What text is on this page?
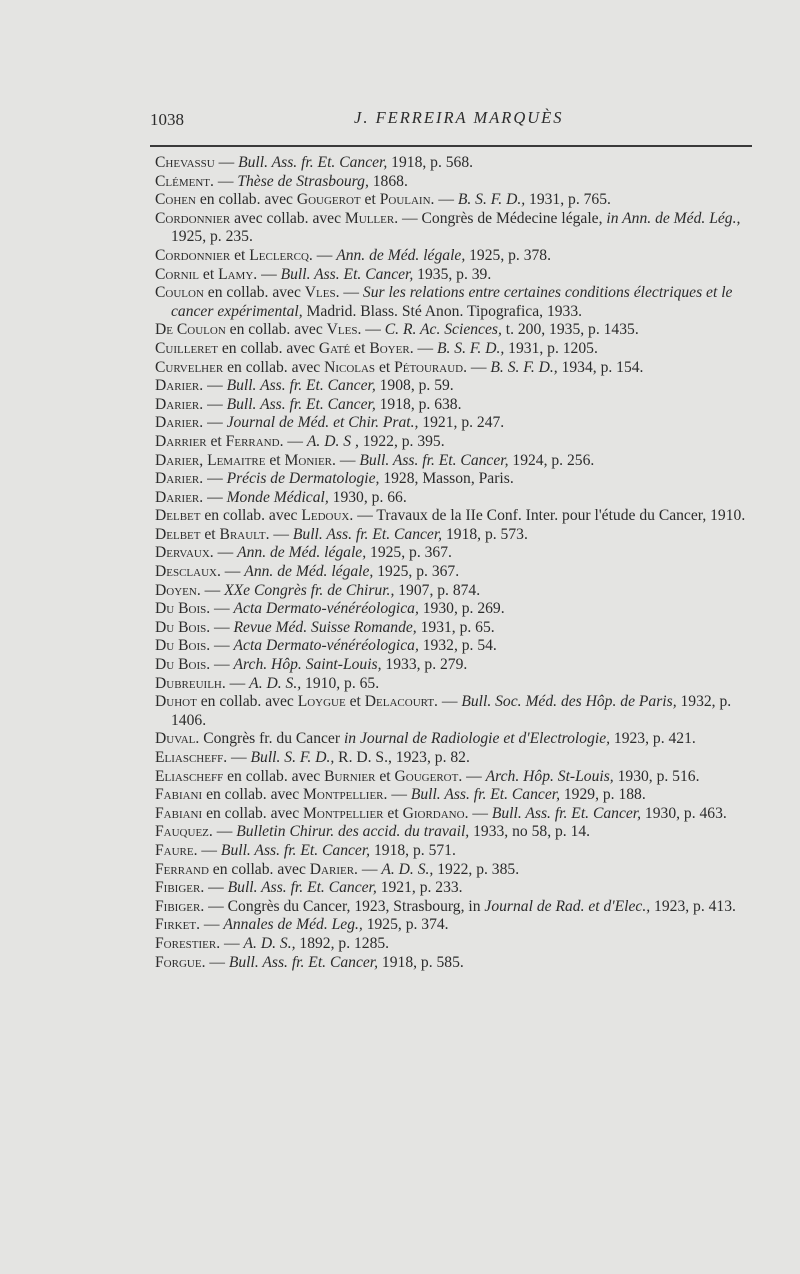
1038	J. FERREIRA MARQUÈS

Chevassu — Bull. Ass. fr. Et. Cancer, 1918, p. 568.

Clément. — Thèse de Strasbourg, 1868.

Cohen en collab. avec Gougerot et Poulain. — B. S. F. D., 1931, p. 765.

Cordonnier avec collab. avec Muller. — Congrès de Médecine légale, in Ann. de Méd. Lég., 1925, p. 235.

Cordonnier et Leclercq. — Ann. de Méd. légale, 1925, p. 378.

Cornil et Lamy. — Bull. Ass. Et. Cancer, 1935, p. 39.

Coulon en collab. avec Vles. — Sur les relations entre certaines conditions électriques et le cancer expérimental, Madrid. Blass. Sté Anon. Tipografica, 1933.

De Coulon en collab. avec Vles. — C. R. Ac. Sciences, t. 200, 1935, p. 1435.

Cuilleret en collab. avec Gaté et Boyer. — B. S. F. D., 1931, p. 1205.

Curvelher en collab. avec Nicolas et Pétouraud. — B. S. F. D., 1934, p. 154.

Darier. — Bull. Ass. fr. Et. Cancer, 1908, p. 59.

Darier. — Bull. Ass. fr. Et. Cancer, 1918, p. 638.

Darier. — Journal de Méd. et Chir. Prat., 1921, p. 247.

Darrier et Ferrand. — A. D. S , 1922, p. 395.

Darier, Lemaitre et Monier. — Bull. Ass. fr. Et. Cancer, 1924, p. 256.

Darier. — Précis de Dermatologie, 1928, Masson, Paris.

Darier. — Monde Médical, 1930, p. 66.

Delbet en collab. avec Ledoux. — Travaux de la IIe Conf. Inter. pour l'étude du Cancer, 1910.

Delbet et Brault. — Bull. Ass. fr. Et. Cancer, 1918, p. 573.

Dervaux. — Ann. de Méd. légale, 1925, p. 367.

Desclaux. — Ann. de Méd. légale, 1925, p. 367.

Doyen. — XXe Congrès fr. de Chirur., 1907, p. 874.

Du Bois. — Acta Dermato-vénéréologica, 1930, p. 269.

Du Bois. — Revue Méd. Suisse Romande, 1931, p. 65.

Du Bois. — Acta Dermato-vénéréologica, 1932, p. 54.

Du Bois. — Arch. Hôp. Saint-Louis, 1933, p. 279.

Dubreuilh. — A. D. S., 1910, p. 65.

Duhot en collab. avec Loygue et Delacourt. — Bull. Soc. Méd. des Hôp. de Paris, 1932, p. 1406.

Duval. Congrès fr. du Cancer in Journal de Radiologie et d'Electrologie, 1923, p. 421.

Eliascheff. — Bull. S. F. D., R. D. S., 1923, p. 82.

Eliascheff en collab. avec Burnier et Gougerot. — Arch. Hôp. St-Louis, 1930, p. 516.

Fabiani en collab. avec Montpellier. — Bull. Ass. fr. Et. Cancer, 1929, p. 188.

Fabiani en collab. avec Montpellier et Giordano. — Bull. Ass. fr. Et. Cancer, 1930, p. 463.

Fauquez. — Bulletin Chirur. des accid. du travail, 1933, no 58, p. 14.

Faure. — Bull. Ass. fr. Et. Cancer, 1918, p. 571.

Ferrand en collab. avec Darier. — A. D. S., 1922, p. 385.

Fibiger. — Bull. Ass. fr. Et. Cancer, 1921, p. 233.

Fibiger. — Congrès du Cancer, 1923, Strasbourg, in Journal de Rad. et d'Elec., 1923, p. 413.

Firket. — Annales de Méd. Leg., 1925, p. 374.

Forestier. — A. D. S., 1892, p. 1285.

Forgue. — Bull. Ass. fr. Et. Cancer, 1918, p. 585.
